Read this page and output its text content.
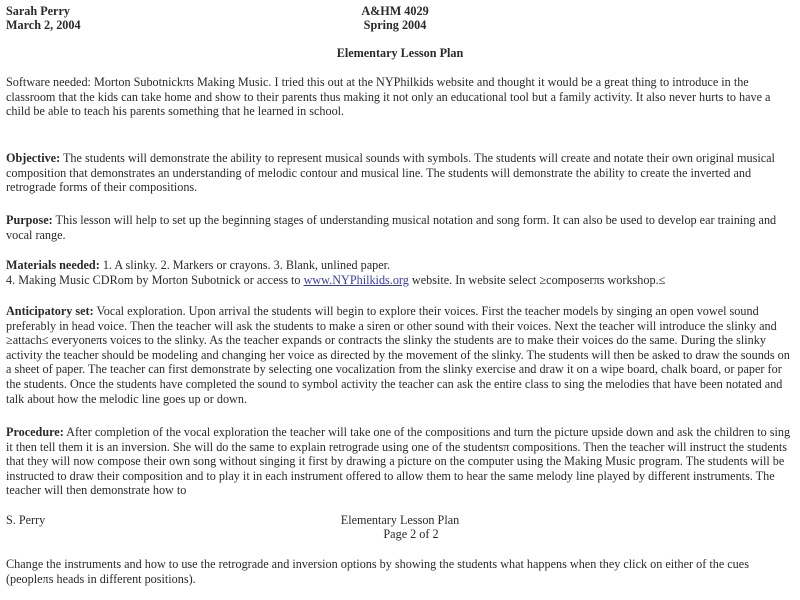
Sarah Perry
March 2, 2004
A&HM 4029
Spring 2004
Elementary Lesson Plan

Software needed: Morton Subotnickπs Making Music. I tried this out at the NYPhilkids website and thought it would be a great thing to introduce in the classroom that the kids can take home and show to their parents thus making it not only an educational tool but a family activity. It also never hurts to have a child be able to teach his parents something that he learned in school.

Objective: The students will demonstrate the ability to represent musical sounds with symbols. The students will create and notate their own original musical composition that demonstrates an understanding of melodic contour and musical line. The students will demonstrate the ability to create the inverted and retrograde forms of their compositions.

Purpose: This lesson will help to set up the beginning stages of understanding musical notation and song form. It can also be used to develop ear training and vocal range.

Materials needed: 1. A slinky. 2. Markers or crayons. 3. Blank, unlined paper.
4. Making Music CDRom by Morton Subotnick or access to www.NYPhilkids.org website. In website select ≥composerπs workshop.≤

Anticipatory set: Vocal exploration. Upon arrival the students will begin to explore their voices. First the teacher models by singing an open vowel sound preferably in head voice. Then the teacher will ask the students to make a siren or other sound with their voices. Next the teacher will introduce the slinky and ≥attach≤ everyoneπs voices to the slinky. As the teacher expands or contracts the slinky the students are to make their voices do the same. During the slinky activity the teacher should be modeling and changing her voice as directed by the movement of the slinky. The students will then be asked to draw the sounds on a sheet of paper. The teacher can first demonstrate by selecting one vocalization from the slinky exercise and draw it on a wipe board, chalk board, or paper for the students. Once the students have completed the sound to symbol activity the teacher can ask the entire class to sing the melodies that have been notated and talk about how the melodic line goes up or down.

Procedure: After completion of the vocal exploration the teacher will take one of the compositions and turn the picture upside down and ask the children to sing it then tell them it is an inversion. She will do the same to explain retrograde using one of the studentsπ compositions. Then the teacher will instruct the students that they will now compose their own song without singing it first by drawing a picture on the computer using the Making Music program. The students will be instructed to draw their composition and to play it in each instrument offered to allow them to hear the same melody line played by different instruments. The teacher will then demonstrate how to

S. Perry	Elementary Lesson Plan
Page 2 of 2

Change the instruments and how to use the retrograde and inversion options by showing the students what happens when they click on either of the cues (peopleπs heads in different positions).
